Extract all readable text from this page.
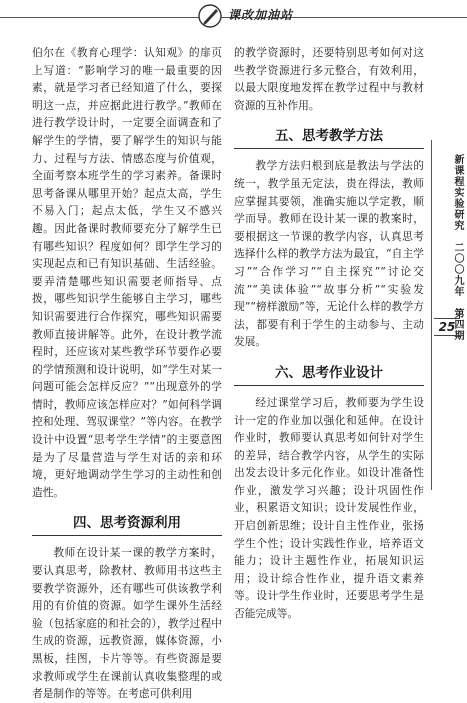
课改加油站

伯尔在《教育心理学：认知观》的扉页上写道：“影响学习的唯一最重要的因素，就是学习者已经知道了什么，要探明这一点，并应据此进行教学。”教师在进行教学设计时，一定要全面调查和了解学生的学情，要了解学生的知识与能力、过程与方法、情感态度与价值观，全面考察本班学生的学习素养。备课时思考备课从哪里开始？起点太高，学生不易入门；起点太低，学生又不感兴趣。因此备课时教师要充分了解学生已有哪些知识？程度如何？即学生学习的实现起点和已有知识基础、生活经验。要弄清楚哪些知识需要老师指导、点拨，哪些知识学生能够自主学习，哪些知识需要进行合作探究，哪些知识需要教师直接讲解等。此外，在设计教学流程时，还应该对某些教学环节要作必要的学情预测和设计说明，如“学生对某一问题可能会怎样反应？”“出现意外的学情时，教师应该怎样应对？”如何科学调控和处理、驾驭课堂？”等内容。在教学设计中设置“思考学生学情”的主要意图是为了尽量营造与学生对话的亲和环境，更好地调动学生学习的主动性和创造性。

四、思考资源利用

教师在设计某一课的教学方案时，要认真思考，除教材、教师用书这些主要教学资源外，还有哪些可供该教学利用的有价值的资源。如学生课外生活经验（包括家庭的和社会的），教学过程中生成的资源，远教资源，媒体资源，小黑板，挂图，卡片等等。有些资源是要求教师或学生在课前认真收集整理的或者是制作的等等。在考虑可供利用

的教学资源时，还要特别思考如何对这些教学资源进行多元整合，有效利用，以最大限度地发挥在教学过程中与教材资源的互补作用。

五、思考教学方法

教学方法归根到底是教法与学法的统一，教学虽无定法，贵在得法，教师应掌握其要领，准确实施以学定教，顺学而导。教师在设计某一课的教案时，要根据这一节课的教学内容，认真思考选择什么样的教学方法为最宜，“自主学习”“合作学习”“自主探究”“讨论交流”“美读体验”“故事分析”“实验发现”“榜样激励”等，无论什么样的教学方法，都要有利于学生的主动参与、主动发展。

六、思考作业设计

经过课堂学习后，教师要为学生设计一定的作业加以强化和延伸。在设计作业时，教师要认真思考如何针对学生的差异，结合教学内容，从学生的实际出发去设计多元化作业。如设计准备性作业，激发学习兴趣；设计巩固性作业，积累语文知识；设计发展性作业，开启创新思维；设计自主性作业，张扬学生个性；设计实践性作业，培养语文能力；设计主题性作业，拓展知识运用；设计综合性作业，提升语文素养等。设计学生作业时，还要思考学生是否能完成等。

新课程实验研究　二〇〇九年　第四期
25
